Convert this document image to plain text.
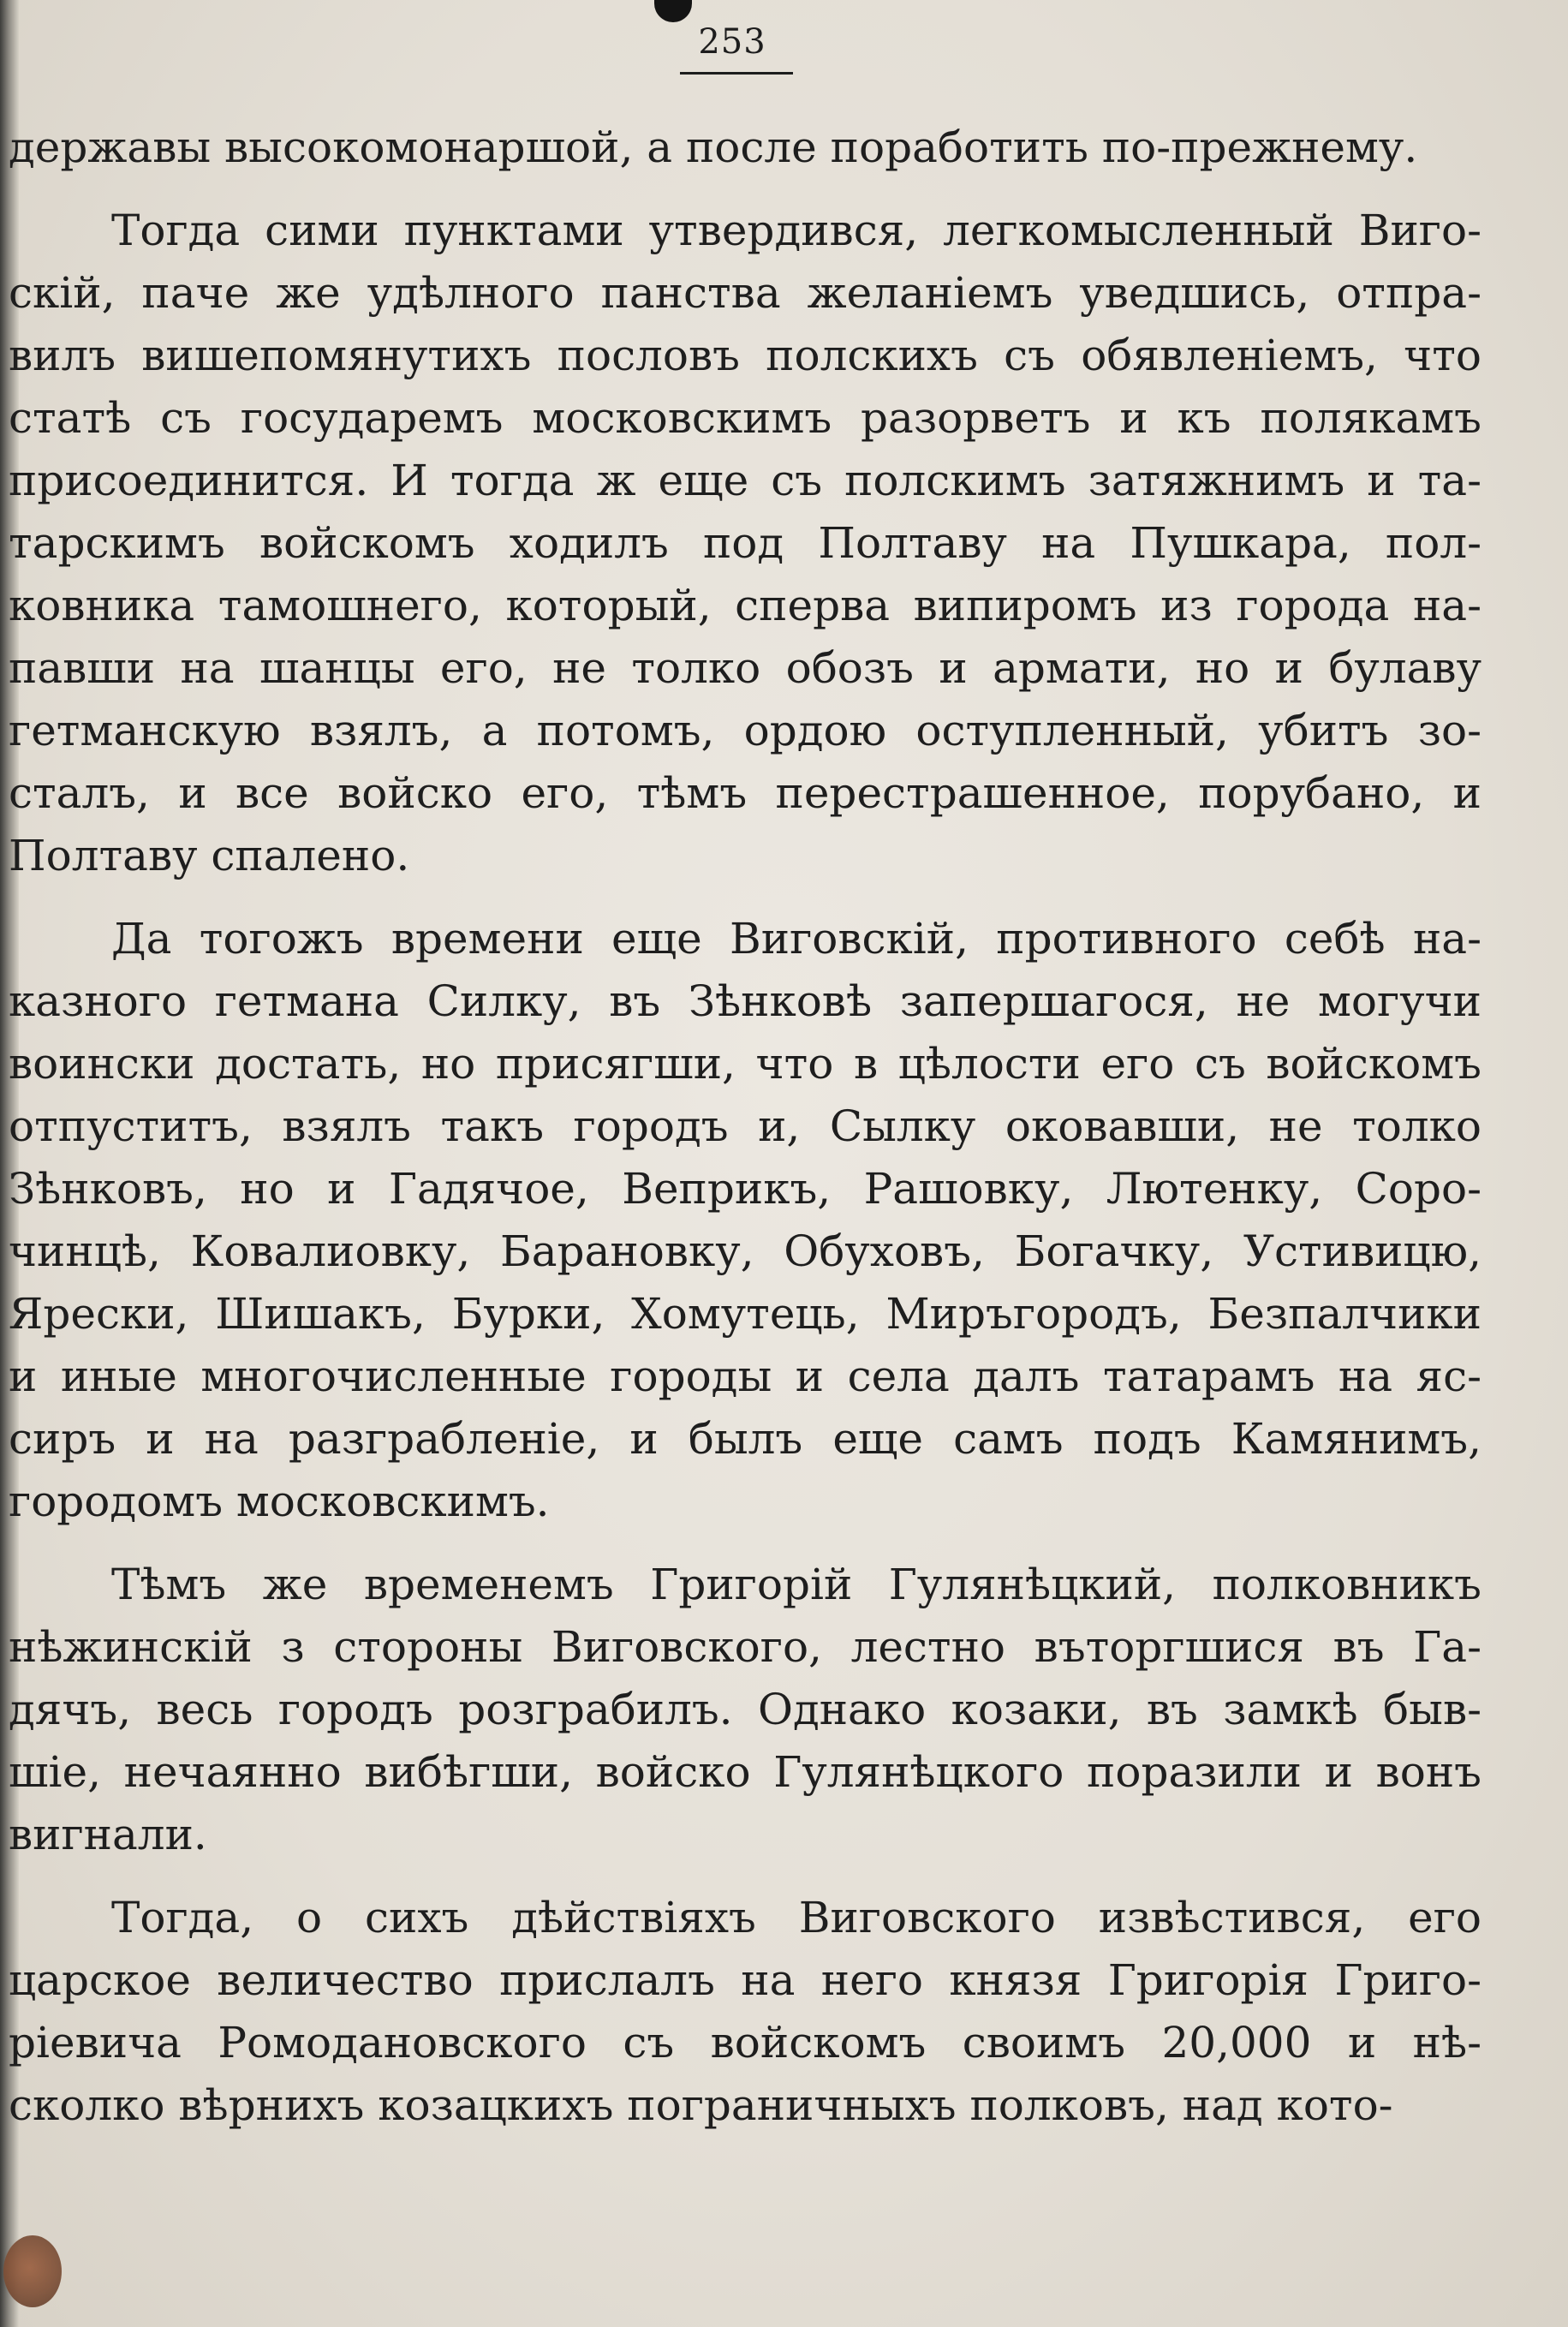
253
державы высокомонаршой, а после поработить по-прежнему.
Тогда сими пунктами утвердився, легкомысленный Виго-
скій, паче же удѣлного панства желаніемъ уведшись, отпра-
вилъ вишепомянутихъ пословъ полскихъ съ обявленіемъ, что
статѣ съ государемъ московскимъ разорветъ и къ полякамъ
присоединится. И тогда ж еще съ полскимъ затяжнимъ и та-
тарскимъ войскомъ ходилъ под Полтаву на Пушкара, пол-
ковника тамошнего, который, сперва випиромъ из города на-
павши на шанцы его, не толко обозъ и армати, но и булаву
гетманскую взялъ, а потомъ, ордою оступленный, убитъ зо-
сталъ, и все войско его, тѣмъ перестрашенное, порубано, и
Полтаву спалено.
Да тогожъ времени еще Виговскій, противного себѣ на-
казного гетмана Силку, въ Зѣнковѣ запершагося, не могучи
воински достать, но присягши, что в цѣлости его съ войскомъ
отпуститъ, взялъ такъ городъ и, Сылку оковавши, не толко
Зѣнковъ, но и Гадячое, Веприкъ, Рашовку, Лютенку, Соро-
чинцѣ, Ковалиовку, Барановку, Обуховъ, Богачку, Устивицю,
Ярески, Шишакъ, Бурки, Хомутець, Миръгородъ, Безпалчики
и иные многочисленные городы и села далъ татарамъ на яс-
сиръ и на разграбленіе, и былъ еще самъ подъ Камянимъ,
городомъ московскимъ.
Тѣмъ же временемъ Григорій Гулянѣцкий, полковникъ
нѣжинскій з стороны Виговского, лестно въторгшися въ Га-
дячъ, весь городъ розграбилъ. Однако козаки, въ замкѣ быв-
шіе, нечаянно вибѣгши, войско Гулянѣцкого поразили и вонъ
вигнали.
Тогда, о сихъ дѣйствіяхъ Виговского извѣстився, его
царское величество прислалъ на него князя Григорія Григо-
ріевича Ромодановского съ войскомъ своимъ 20,000 и нѣ-
сколко вѣрнихъ козацкихъ пограничныхъ полковъ, над кото-
